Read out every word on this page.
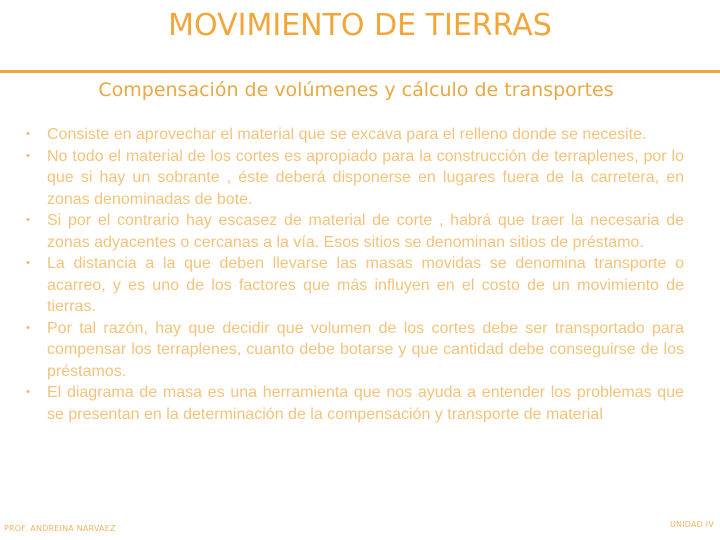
MOVIMIENTO DE TIERRAS
Compensación de volúmenes y cálculo de transportes
• Consiste en aprovechar el material que se excava para el relleno donde se necesite.
• No todo el material de los cortes es apropiado para la construcción de terraplenes, por lo que si hay un sobrante , éste deberá disponerse en lugares fuera de la carretera, en zonas denominadas de bote.
• Si por el contrario hay escasez de material de corte , habrá que traer la necesaria de zonas adyacentes o cercanas a la vía. Esos sitios se denominan sitios de préstamo.
• La distancia a la que deben llevarse las masas movidas se denomina transporte o acarreo, y es uno de los factores que más influyen en el costo de un movimiento de tierras.
• Por tal razón, hay que decidir que volumen de los cortes debe ser transportado para compensar los terraplenes, cuanto debe botarse y que cantidad debe conseguirse de los préstamos.
• El diagrama de masa es una herramienta que nos ayuda a entender los problemas que se presentan en la determinación de la compensación y transporte de material
PROF. ANDREINA NARVÁEZ	UNIDAD IV
